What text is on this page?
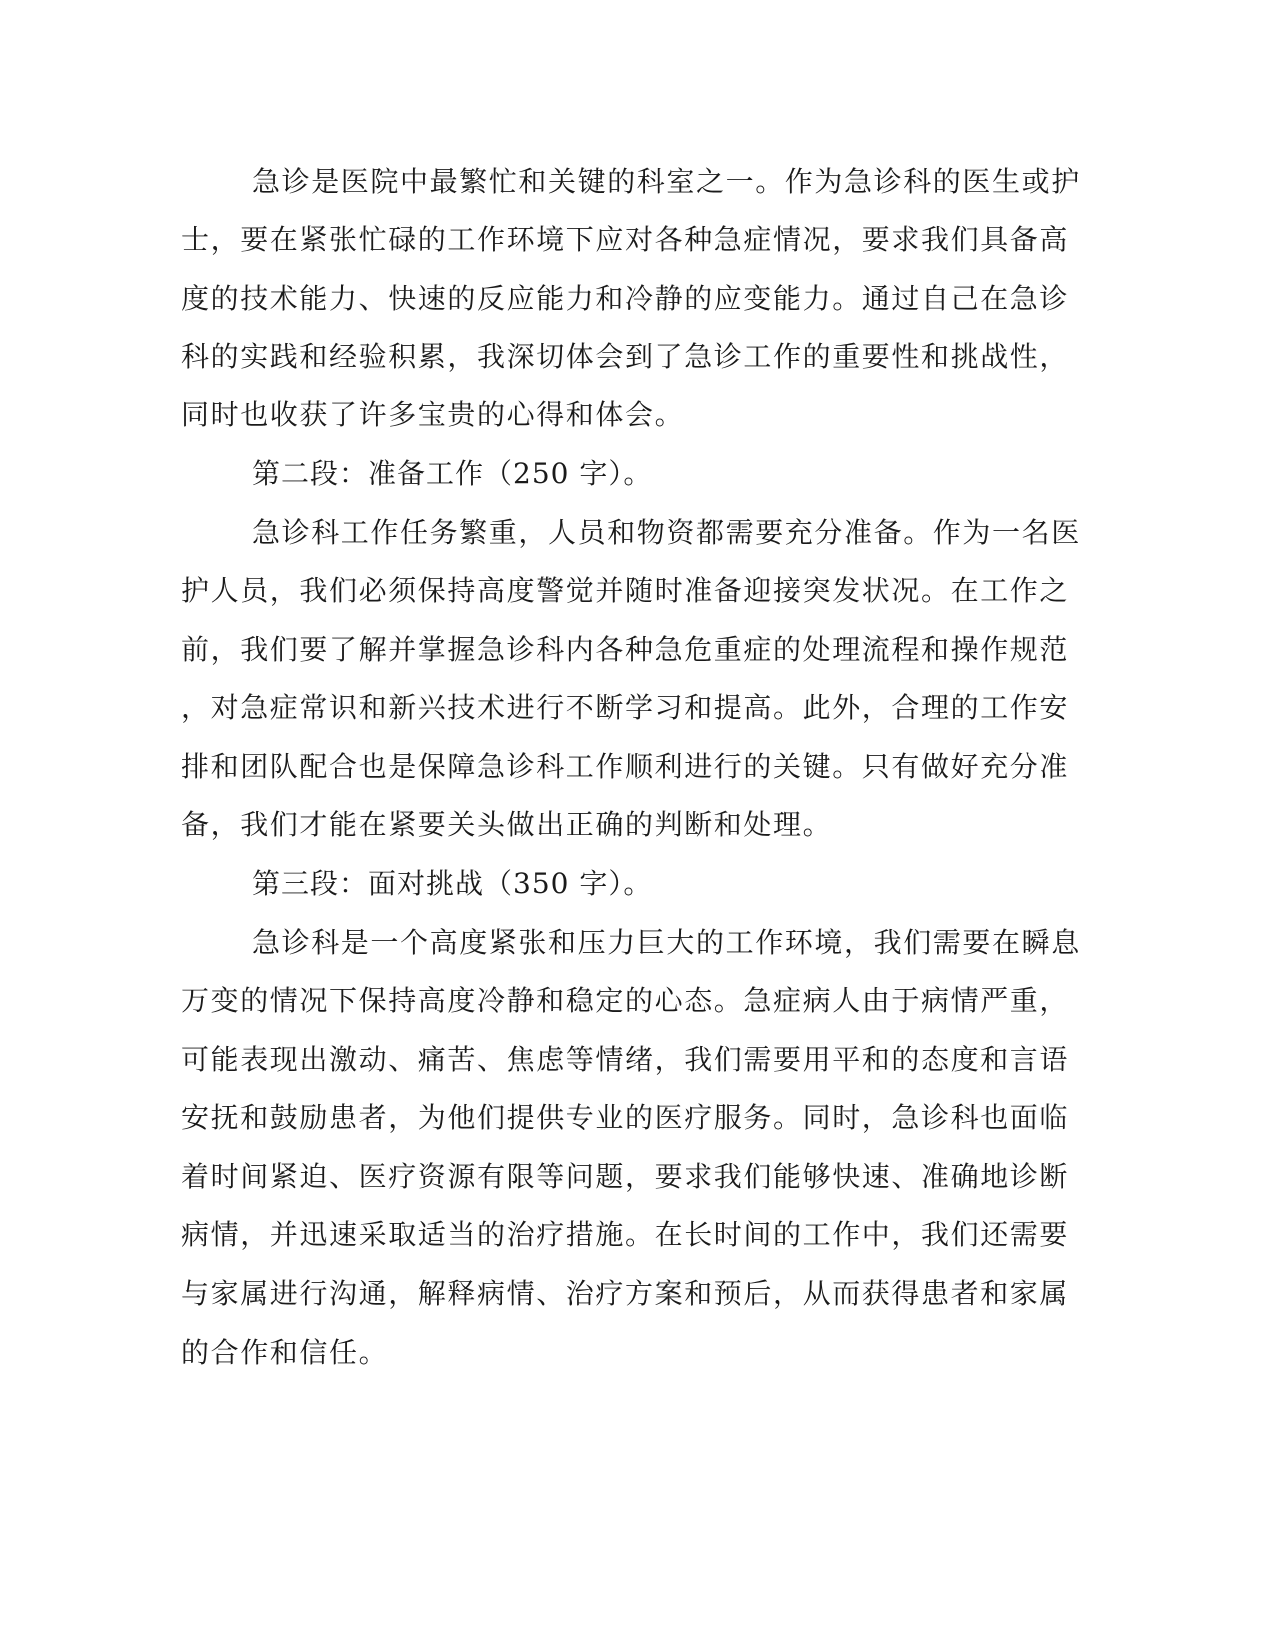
急诊是医院中最繁忙和关键的科室之一。作为急诊科的医生或护
士，要在紧张忙碌的工作环境下应对各种急症情况，要求我们具备高
度的技术能力、快速的反应能力和冷静的应变能力。通过自己在急诊
科的实践和经验积累，我深切体会到了急诊工作的重要性和挑战性，
同时也收获了许多宝贵的心得和体会。
第二段：准备工作（250 字）。
急诊科工作任务繁重，人员和物资都需要充分准备。作为一名医
护人员，我们必须保持高度警觉并随时准备迎接突发状况。在工作之
前，我们要了解并掌握急诊科内各种急危重症的处理流程和操作规范
，对急症常识和新兴技术进行不断学习和提高。此外，合理的工作安
排和团队配合也是保障急诊科工作顺利进行的关键。只有做好充分准
备，我们才能在紧要关头做出正确的判断和处理。
第三段：面对挑战（350 字）。
急诊科是一个高度紧张和压力巨大的工作环境，我们需要在瞬息
万变的情况下保持高度冷静和稳定的心态。急症病人由于病情严重，
可能表现出激动、痛苦、焦虑等情绪，我们需要用平和的态度和言语
安抚和鼓励患者，为他们提供专业的医疗服务。同时，急诊科也面临
着时间紧迫、医疗资源有限等问题，要求我们能够快速、准确地诊断
病情，并迅速采取适当的治疗措施。在长时间的工作中，我们还需要
与家属进行沟通，解释病情、治疗方案和预后，从而获得患者和家属
的合作和信任。
